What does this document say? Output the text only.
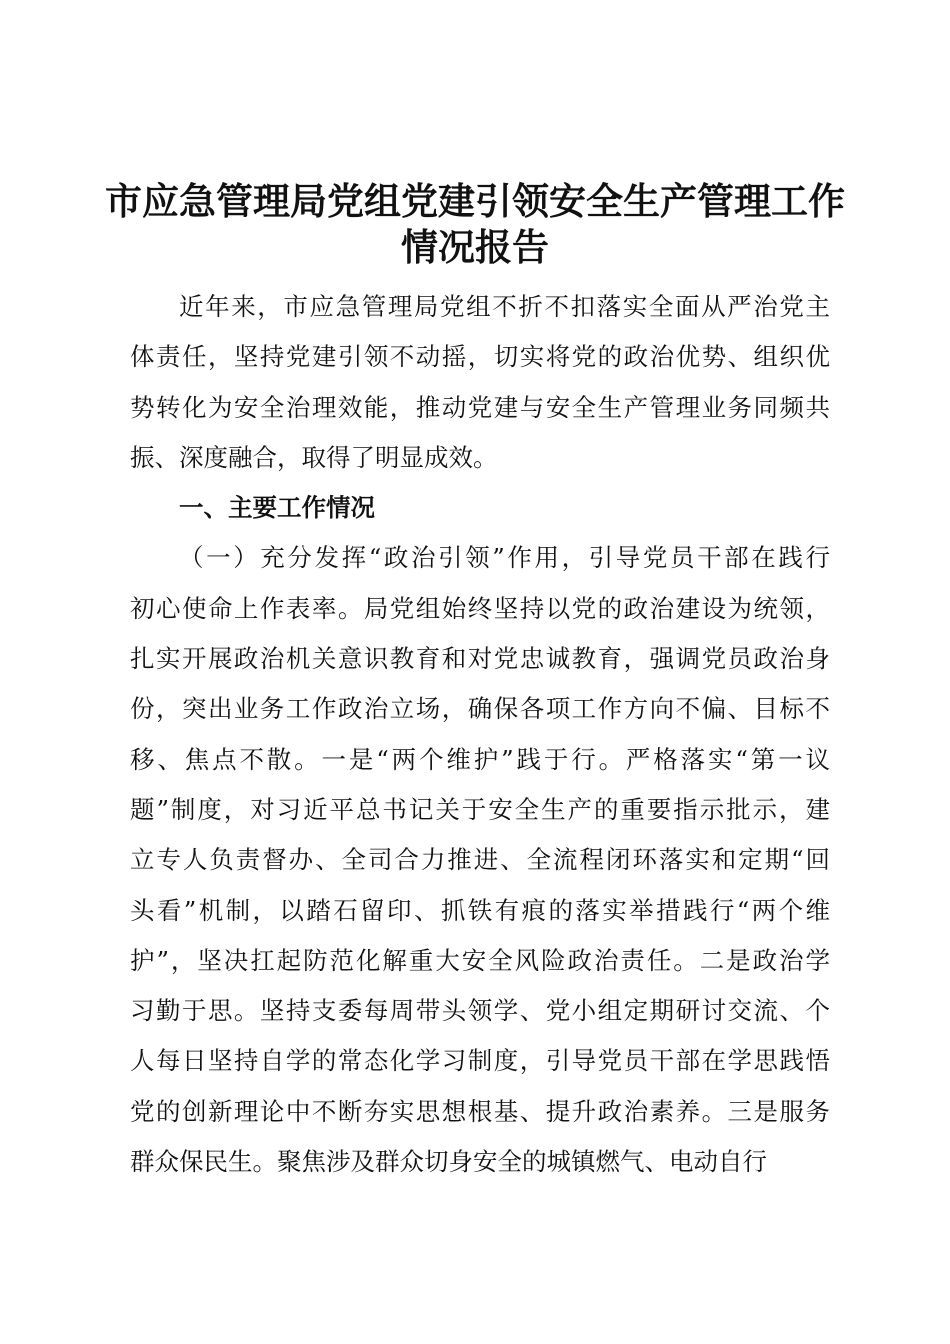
市应急管理局党组党建引领安全生产管理工作
情况报告
近年来，市应急管理局党组不折不扣落实全面从严治党主
体责任，坚持党建引领不动摇，切实将党的政治优势、组织优
势转化为安全治理效能，推动党建与安全生产管理业务同频共
振、深度融合，取得了明显成效。
一、主要工作情况
（一）充分发挥“政治引领”作用，引导党员干部在践行
初心使命上作表率。局党组始终坚持以党的政治建设为统领，
扎实开展政治机关意识教育和对党忠诚教育，强调党员政治身
份，突出业务工作政治立场，确保各项工作方向不偏、目标不
移、焦点不散。一是“两个维护”践于行。严格落实“第一议
题”制度，对习近平总书记关于安全生产的重要指示批示，建
立专人负责督办、全司合力推进、全流程闭环落实和定期“回
头看”机制，以踏石留印、抓铁有痕的落实举措践行“两个维
护”，坚决扛起防范化解重大安全风险政治责任。二是政治学
习勤于思。坚持支委每周带头领学、党小组定期研讨交流、个
人每日坚持自学的常态化学习制度，引导党员干部在学思践悟
党的创新理论中不断夯实思想根基、提升政治素养。三是服务
群众保民生。聚焦涉及群众切身安全的城镇燃气、电动自行
